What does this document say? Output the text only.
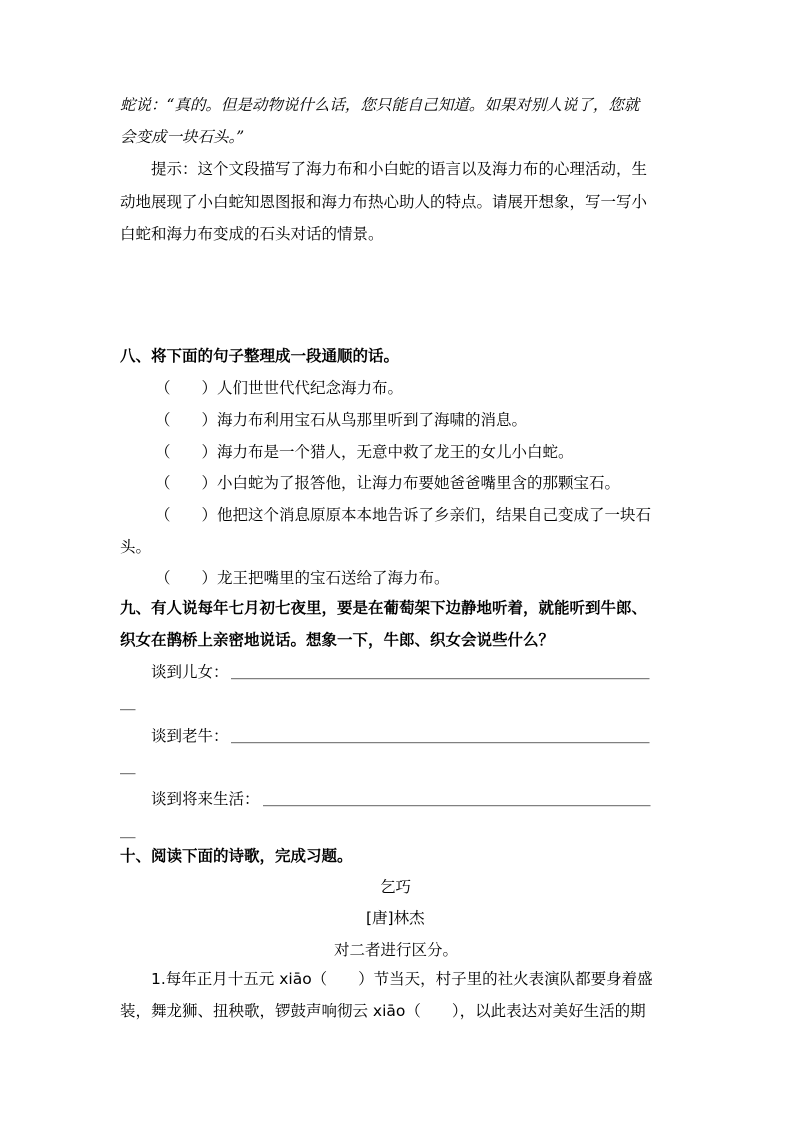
蛇说：“真的。但是动物说什么话，您只能自己知道。如果对别人说了，您就
会变成一块石头。”
提示：这个文段描写了海力布和小白蛇的语言以及海力布的心理活动，生
动地展现了小白蛇知恩图报和海力布热心助人的特点。请展开想象，写一写小
白蛇和海力布变成的石头对话的情景。
八、将下面的句子整理成一段通顺的话。
（　　）人们世世代代纪念海力布。
（　　）海力布利用宝石从鸟那里听到了海啸的消息。
（　　）海力布是一个猎人，无意中救了龙王的女儿小白蛇。
（　　）小白蛇为了报答他，让海力布要她爸爸嘴里含的那颗宝石。
（　　）他把这个消息原原本本地告诉了乡亲们，结果自己变成了一块石
头。
（　　）龙王把嘴里的宝石送给了海力布。
九、有人说每年七月初七夜里，要是在葡萄架下边静地听着，就能听到牛郎、
织女在鹊桥上亲密地说话。想象一下，牛郎、织女会说些什么？
谈到儿女： ＿＿＿＿＿＿＿＿＿＿＿＿＿＿＿＿＿＿＿＿＿＿＿＿＿＿＿
＿
谈到老牛： ＿＿＿＿＿＿＿＿＿＿＿＿＿＿＿＿＿＿＿＿＿＿＿＿＿＿＿
＿
谈到将来生活： ＿＿＿＿＿＿＿＿＿＿＿＿＿＿＿＿＿＿＿＿＿＿＿＿＿
＿
十、阅读下面的诗歌，完成习题。
乞巧
[唐]林杰
对二者进行区分。
1.每年正月十五元 xiāo（　　）节当天，村子里的社火表演队都要身着盛
装，舞龙狮、扭秧歌，锣鼓声响彻云 xiāo（　　），以此表达对美好生活的期
